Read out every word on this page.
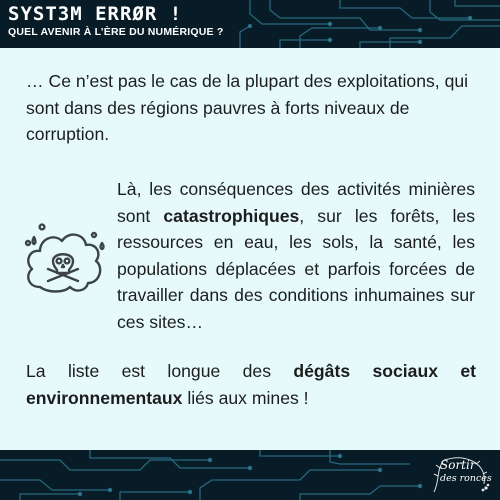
SYST3M ERRØR !
QUEL AVENIR À L’ÈRE DU NUMÉRIQUE ?

… Ce n’est pas le cas de la plupart des exploitations, qui sont dans des régions pauvres à forts niveaux de corruption.

Là, les conséquences des activités minières sont catastrophiques, sur les forêts, les ressources en eau, les sols, la santé, les populations déplacées et parfois forcées de travailler dans des conditions inhumaines sur ces sites…

La liste est longue des dégâts sociaux et environnementaux liés aux mines !

Sortir
des ronces
